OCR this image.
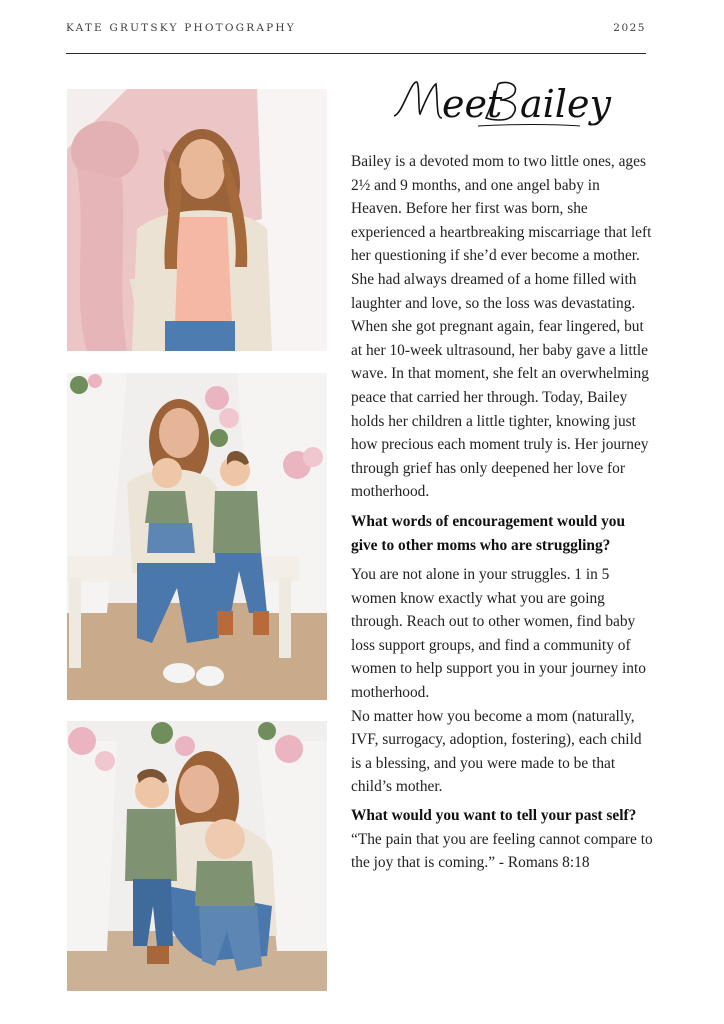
KATE GRUTSKY PHOTOGRAPHY	2025
eet ailey	Meet Bailey

Bailey is a devoted mom to two little ones, ages 2½ and 9 months, and one angel baby in Heaven. Before her first was born, she experienced a heartbreaking miscarriage that left her questioning if she’d ever become a mother. She had always dreamed of a home filled with laughter and love, so the loss was devastating.

When she got pregnant again, fear lingered, but at her 10-week ultrasound, her baby gave a little wave. In that moment, she felt an overwhelming peace that carried her through. Today, Bailey holds her children a little tighter, knowing just how precious each moment truly is. Her journey through grief has only deepened her love for motherhood.

What words of encouragement would you give to other moms who are struggling?

You are not alone in your struggles. 1 in 5 women know exactly what you are going through. Reach out to other women, find baby loss support groups, and find a community of women to help support you in your journey into motherhood.

No matter how you become a mom (naturally, IVF, surrogacy, adoption, fostering), each child is a blessing, and you were made to be that child’s mother.

What would you want to tell your past self?

“The pain that you are feeling cannot compare to the joy that is coming.” - Romans 8:18
